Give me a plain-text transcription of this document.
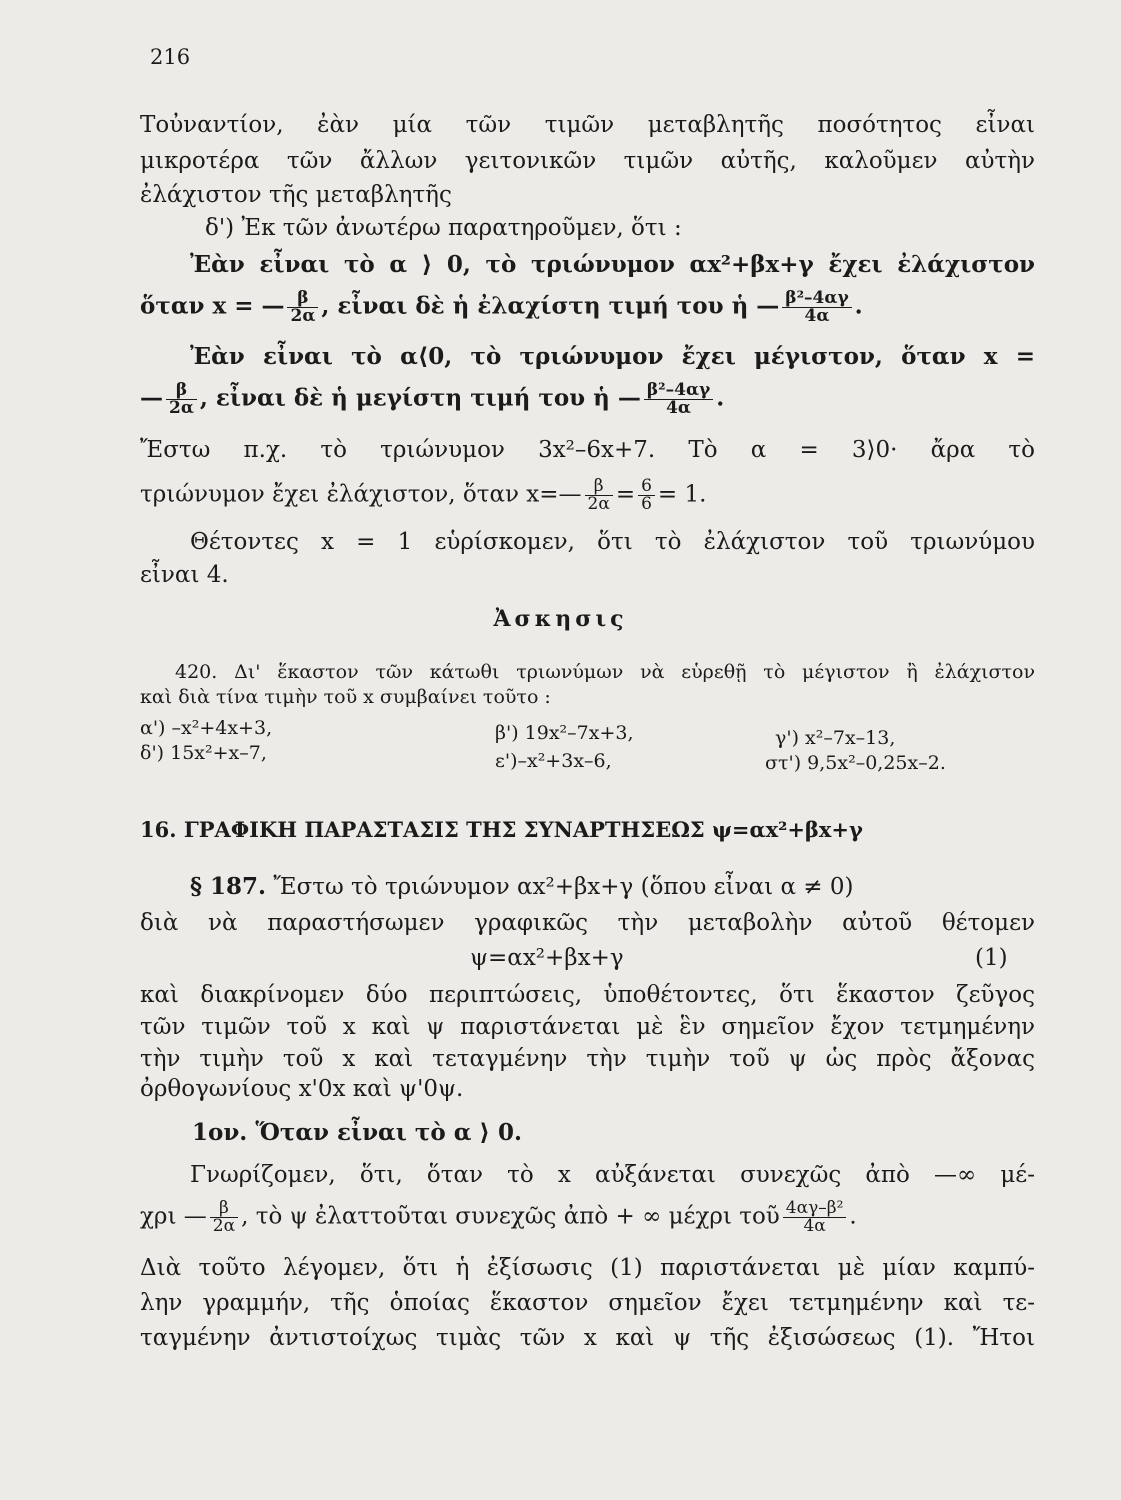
216
Τοὐναντίον, ἐὰν μία τῶν τιμῶν μεταβλητῆς ποσότητος εἶναι
μικροτέρα τῶν ἄλλων γειτονικῶν τιμῶν αὐτῆς, καλοῦμεν αὐτὴν
ἐλάχιστον τῆς μεταβλητῆς
δ') Ἐκ τῶν ἀνωτέρω παρατηροῦμεν, ὅτι :
Ἐὰν εἶναι τὸ α ⟩ 0, τὸ τριώνυμον αx²+βx+γ ἔχει ἐλάχιστον
ὅταν x = — $\frac{\beta}{2\alpha}$ , εἶναι δὲ ἡ ἐλαχίστη τιμή του ἡ — $\frac{\text{β²–4αγ}}{4\alpha}$ .
Ἐὰν εἶναι τὸ α⟨0, τὸ τριώνυμον ἔχει μέγιστον, ὅταν x =
— $\frac{\beta}{2\alpha}$ , εἶναι δὲ ἡ μεγίστη τιμή του ἡ — $\frac{\text{β²–4αγ}}{4\alpha}$ .
Ἔστω π.χ. τὸ τριώνυμον 3x²–6x+7. Τὸ α = 3⟩0· ἄρα τὸ
τριώνυμον ἔχει ἐλάχιστον, ὅταν x=— $\frac{\beta}{2\alpha} = \frac{6}{6} = 1$.
Θέτοντες x = 1 εὑρίσκομεν, ὅτι τὸ ἐλάχιστον τοῦ τριωνύμου
εἶναι 4.
Ἀσκησις
420. Δι' ἕκαστον τῶν κάτωθι τριωνύμων νὰ εὑρεθῇ τὸ μέγιστον ἢ ἐλάχιστον
καὶ διὰ τίνα τιμὴν τοῦ x συμβαίνει τοῦτο :
α') –x²+4x+3,	β') 19x²–7x+3,	γ') x²–7x–13,
δ') 15x²+x–7,	ε')–x²+3x–6,	στ') 9,5x²–0,25x–2.
16. ΓΡΑΦΙΚΗ ΠΑΡΑΣΤΑΣΙΣ ΤΗΣ ΣΥΝΑΡΤΗΣΕΩΣ ψ=αx²+βx+γ
§ 187. Ἔστω τὸ τριώνυμον αx²+βx+γ (ὅπου εἶναι α ≠ 0)
διὰ νὰ παραστήσωμεν γραφικῶς τὴν μεταβολὴν αὐτοῦ θέτομεν
ψ=αx²+βx+γ	(1)
καὶ διακρίνομεν δύο περιπτώσεις, ὑποθέτοντες, ὅτι ἕκαστον ζεῦγος
τῶν τιμῶν τοῦ x καὶ ψ παριστάνεται μὲ ἓν σημεῖον ἔχον τετμημένην
τὴν τιμὴν τοῦ x καὶ τεταγμένην τὴν τιμὴν τοῦ ψ ὡς πρὸς ἄξονας
ὀρθογωνίους x'0x καὶ ψ'0ψ.
1ον. Ὅταν εἶναι τὸ α ⟩ 0.
Γνωρίζομεν, ὅτι, ὅταν τὸ x αὐξάνεται συνεχῶς ἀπὸ —∞ μέ-
χρι — $\frac{\beta}{2\alpha}$ , τὸ ψ ἐλαττοῦται συνεχῶς ἀπὸ + ∞ μέχρι τοῦ $\frac{\text{4αγ–β²}}{4\alpha}$ .
Διὰ τοῦτο λέγομεν, ὅτι ἡ ἐξίσωσις (1) παριστάνεται μὲ μίαν καμπύ-
λην γραμμήν, τῆς ὁποίας ἕκαστον σημεῖον ἔχει τετμημένην καὶ τε-
ταγμένην ἀντιστοίχως τιμὰς τῶν x καὶ ψ τῆς ἐξισώσεως (1). Ἤτοι
